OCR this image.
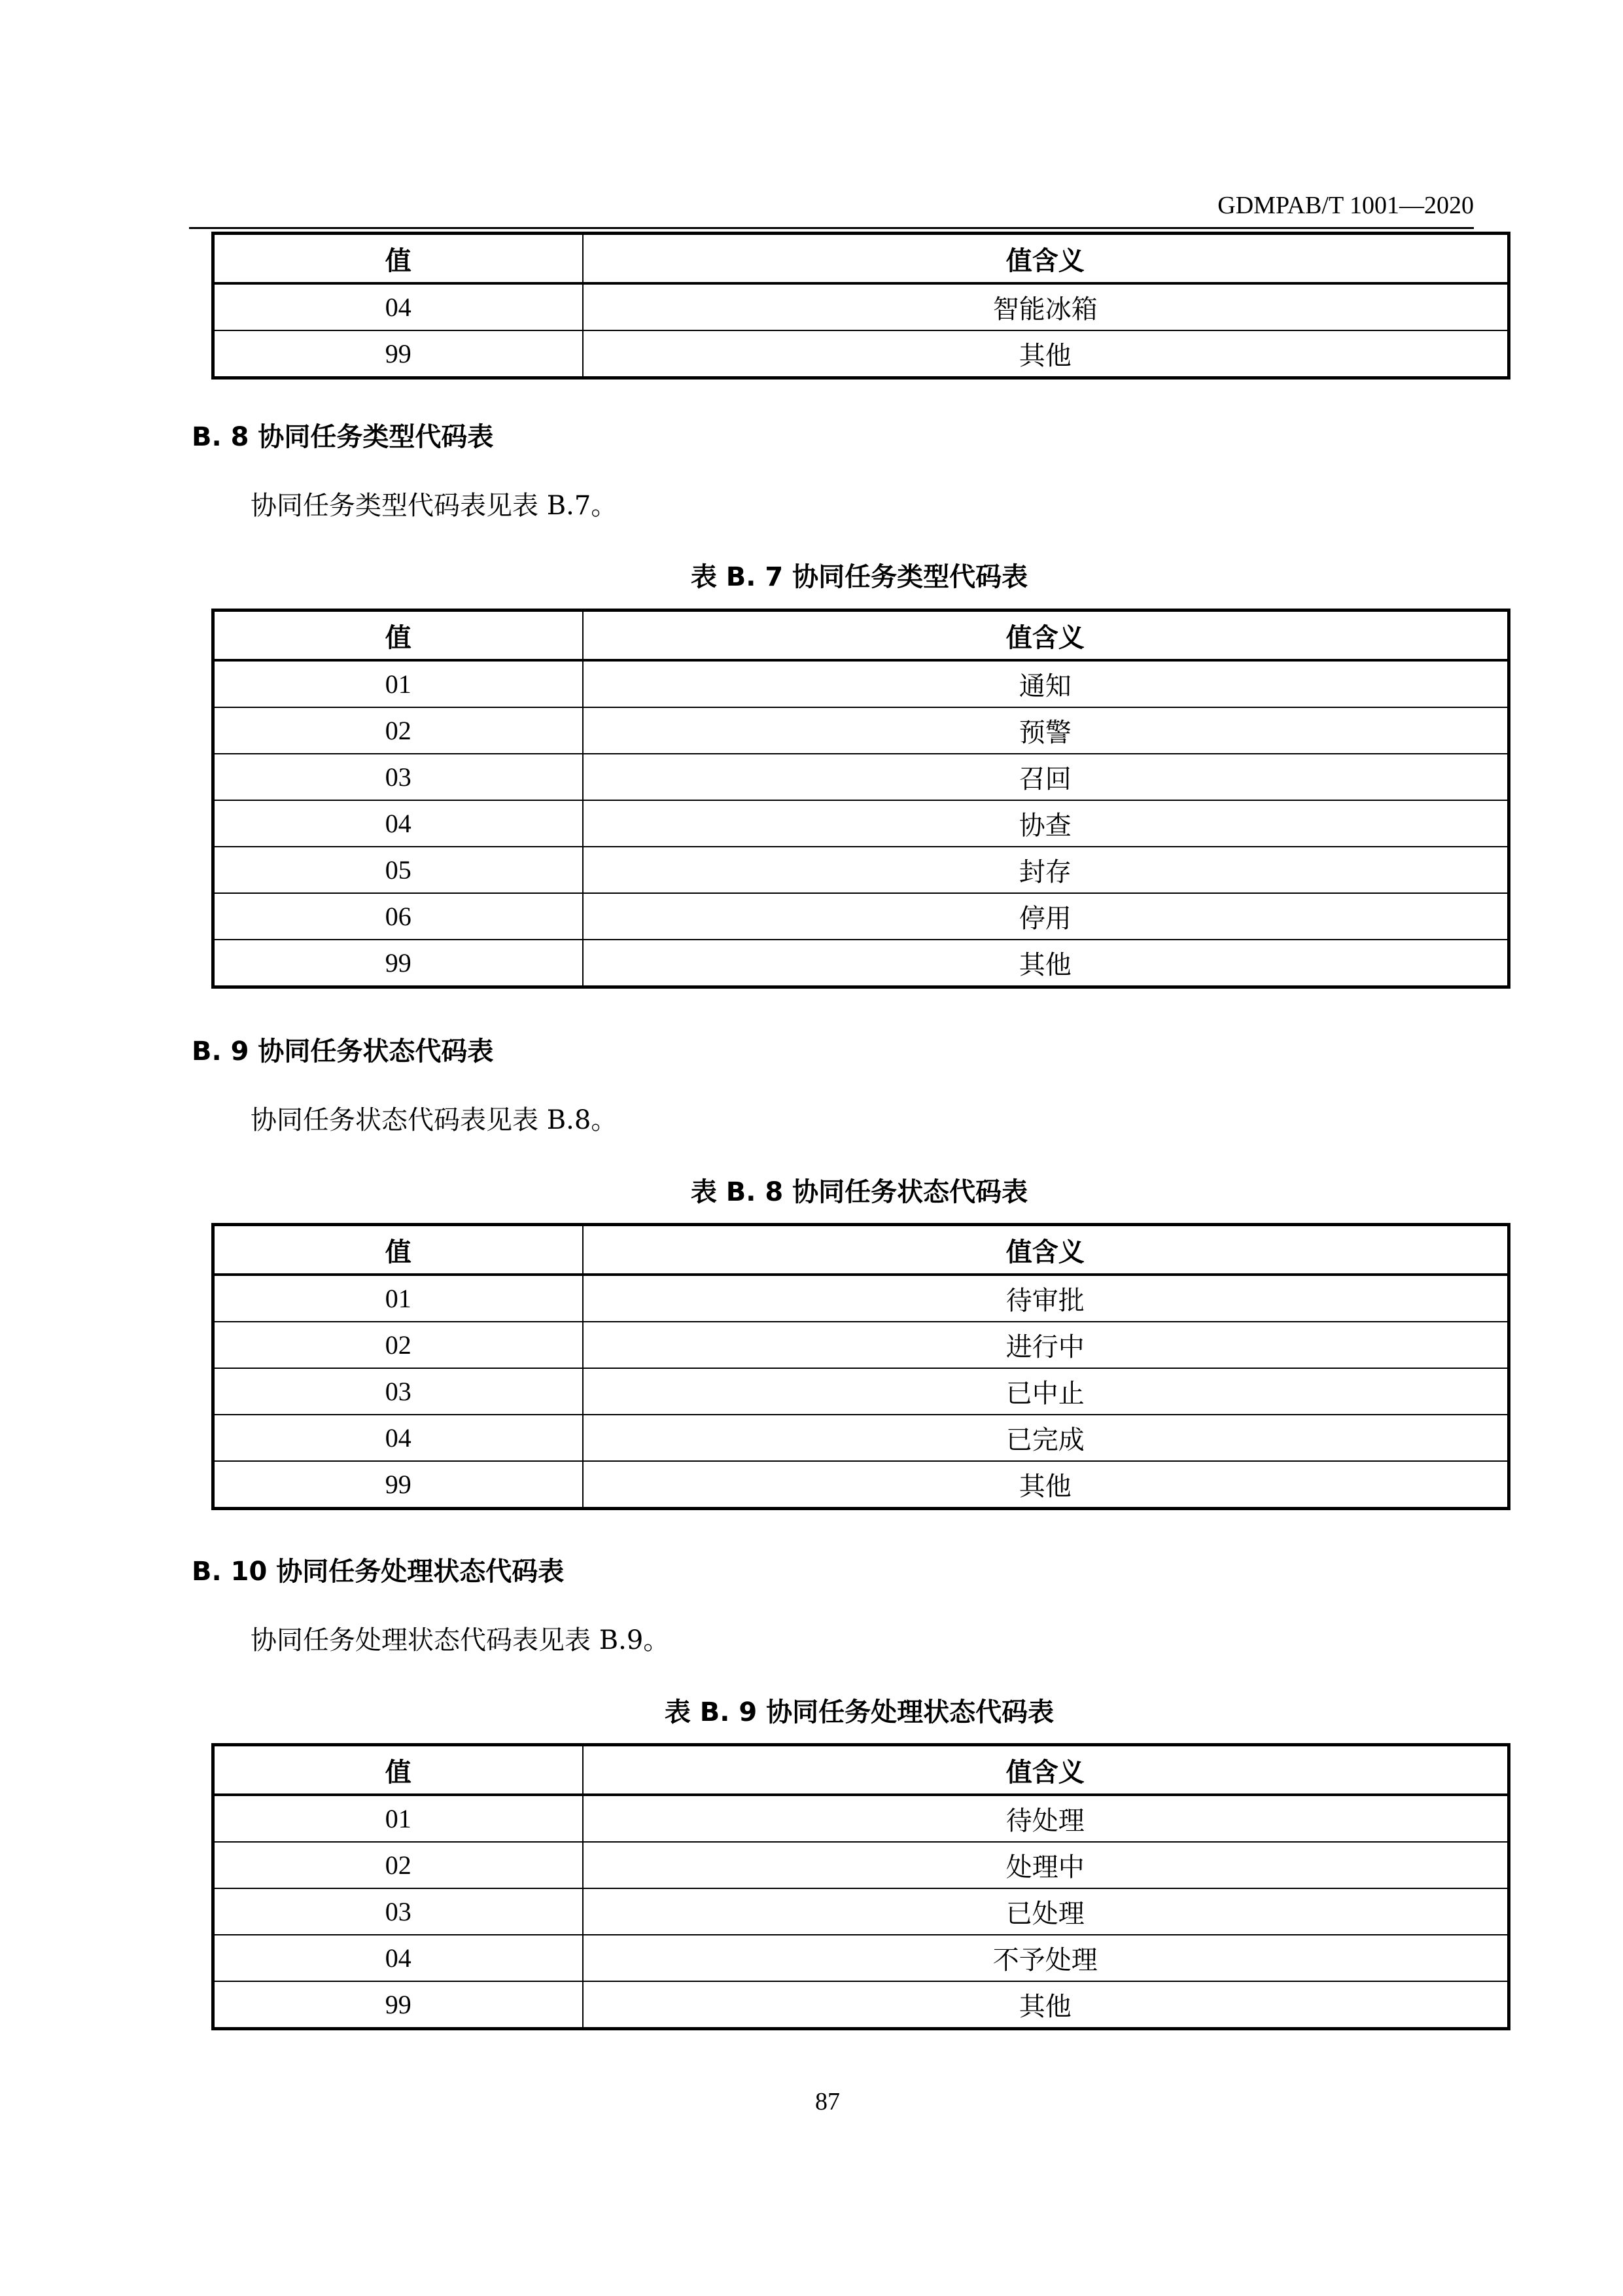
GDMPAB/T 1001—2020
值	值含义
04	智能冰箱
99	其他
B. 8 协同任务类型代码表
协同任务类型代码表见表 B.7。
表 B. 7 协同任务类型代码表
值	值含义
01	通知
02	预警
03	召回
04	协查
05	封存
06	停用
99	其他
B. 9 协同任务状态代码表
协同任务状态代码表见表 B.8。
表 B. 8 协同任务状态代码表
值	值含义
01	待审批
02	进行中
03	已中止
04	已完成
99	其他
B. 10 协同任务处理状态代码表
协同任务处理状态代码表见表 B.9。
表 B. 9 协同任务处理状态代码表
值	值含义
01	待处理
02	处理中
03	已处理
04	不予处理
99	其他
87
